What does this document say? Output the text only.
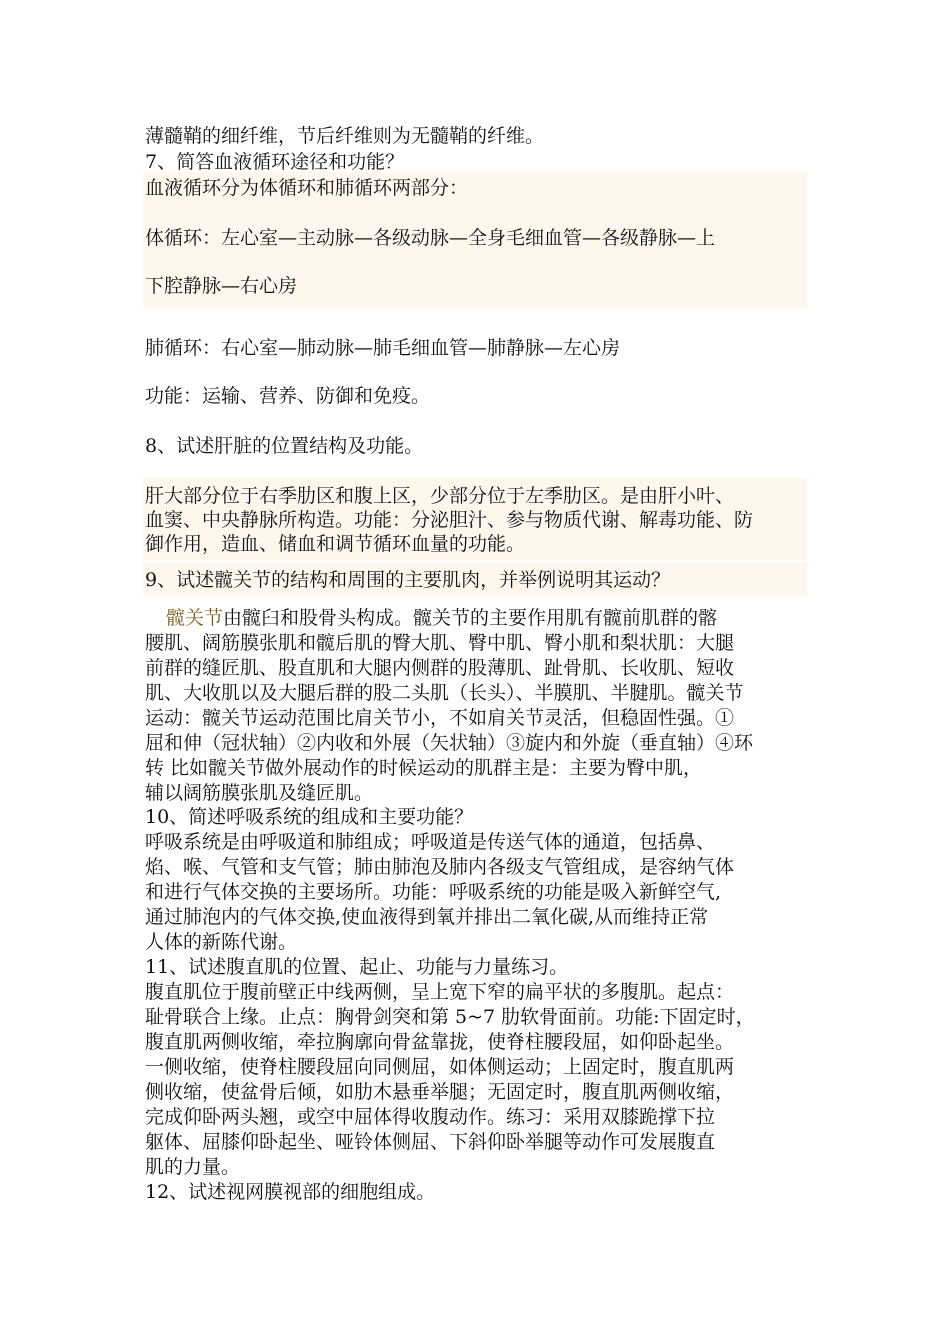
薄髓鞘的细纤维，节后纤维则为无髓鞘的纤维。
7、简答血液循环途径和功能？
血液循环分为体循环和肺循环两部分：
体循环：左心室—主动脉—各级动脉—全身毛细血管—各级静脉—上
下腔静脉—右心房
肺循环：右心室—肺动脉—肺毛细血管—肺静脉—左心房
功能：运输、营养、防御和免疫。
8、试述肝脏的位置结构及功能。
肝大部分位于右季肋区和腹上区，少部分位于左季肋区。是由肝小叶、
血窦、中央静脉所构造。功能：分泌胆汁、参与物质代谢、解毒功能、防
御作用，造血、储血和调节循环血量的功能。
9、试述髋关节的结构和周围的主要肌肉，并举例说明其运动？
髋关节由髋臼和股骨头构成。髋关节的主要作用肌有髋前肌群的髂
腰肌、阔筋膜张肌和髋后肌的臀大肌、臀中肌、臀小肌和梨状肌：大腿
前群的缝匠肌、股直肌和大腿内侧群的股薄肌、趾骨肌、长收肌、短收
肌、大收肌以及大腿后群的股二头肌（长头）、半膜肌、半腱肌。髋关节
运动：髋关节运动范围比肩关节小，不如肩关节灵活，但稳固性强。①
屈和伸（冠状轴）②内收和外展（矢状轴）③旋内和外旋（垂直轴）④环
转 比如髋关节做外展动作的时候运动的肌群主是：主要为臀中肌，
辅以阔筋膜张肌及缝匠肌。
10、简述呼吸系统的组成和主要功能？
呼吸系统是由呼吸道和肺组成；呼吸道是传送气体的通道，包括鼻、
焰、喉、气管和支气管；肺由肺泡及肺内各级支气管组成，是容纳气体
和进行气体交换的主要场所。功能：呼吸系统的功能是吸入新鲜空气,
通过肺泡内的气体交换,使血液得到氧并排出二氧化碳,从而维持正常
人体的新陈代谢。
11、试述腹直肌的位置、起止、功能与力量练习。
腹直肌位于腹前壁正中线两侧，呈上宽下窄的扁平状的多腹肌。起点：
耻骨联合上缘。止点：胸骨剑突和第 5~7 肋软骨面前。功能:下固定时，
腹直肌两侧收缩，牵拉胸廓向骨盆靠拢，使脊柱腰段屈，如仰卧起坐。
一侧收缩，使脊柱腰段屈向同侧屈，如体侧运动；上固定时，腹直肌两
侧收缩，使盆骨后倾，如肋木悬垂举腿；无固定时，腹直肌两侧收缩，
完成仰卧两头翘，或空中屈体得收腹动作。练习：采用双膝跪撑下拉
躯体、屈膝仰卧起坐、哑铃体侧屈、下斜仰卧举腿等动作可发展腹直
肌的力量。
12、试述视网膜视部的细胞组成。
